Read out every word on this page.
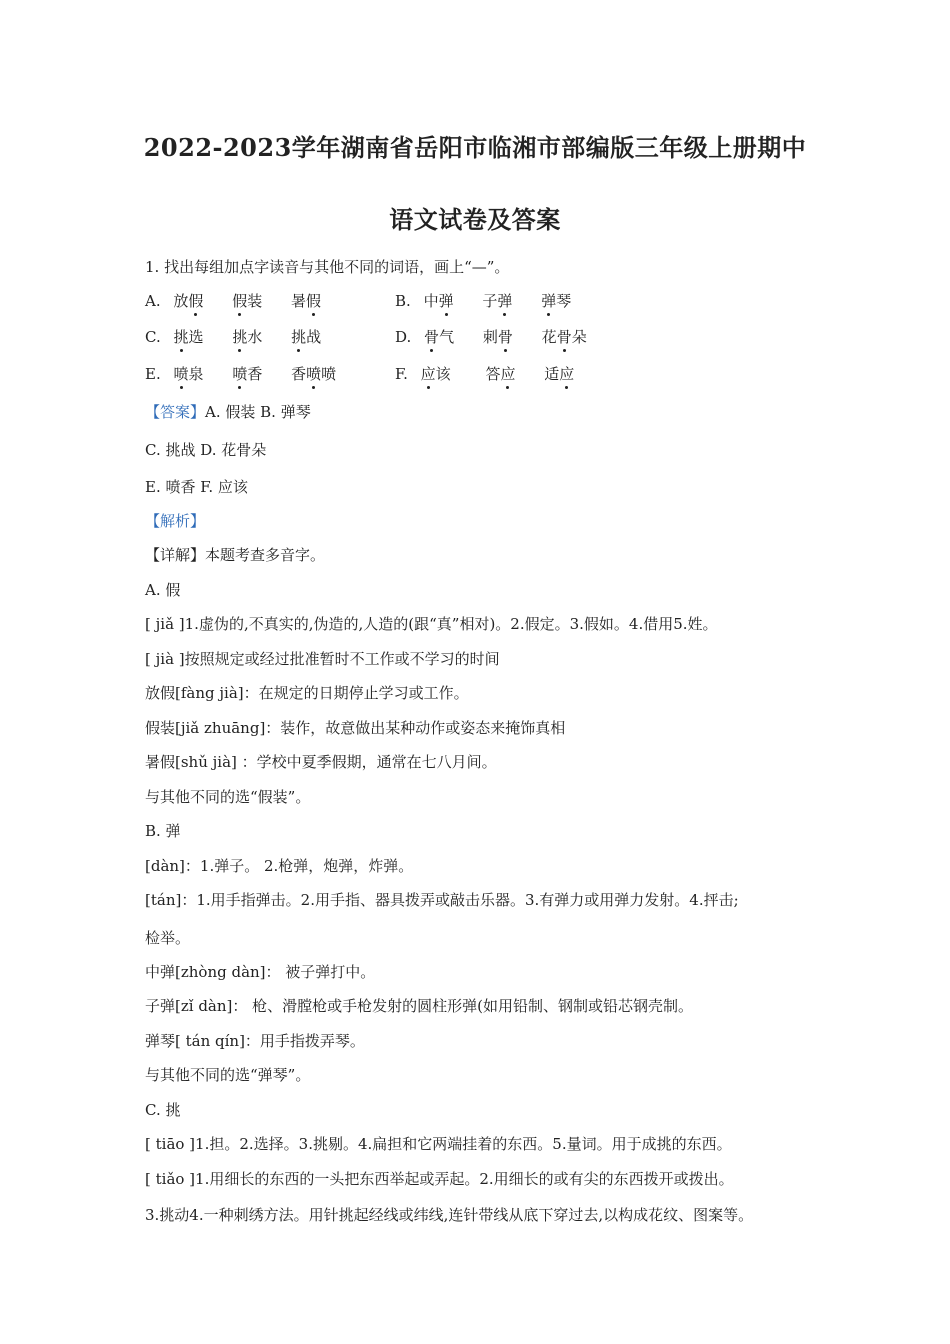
2022-2023学年湖南省岳阳市临湘市部编版三年级上册期中
语文试卷及答案
1. 找出每组加点字读音与其他不同的词语，画上“—”。
A. 放假 假装 暑假	B. 中弹 子弹 弹琴
C. 挑选 挑水 挑战	D. 骨气 刺骨 花骨朵
E. 喷泉 喷香 香喷喷	F. 应该 答应 适应
【答案】A. 假装 B. 弹琴
C. 挑战 D. 花骨朵
E. 喷香 F. 应该
【解析】
【详解】本题考查多音字。
A. 假
[ jiǎ ]1.虚伪的,不真实的,伪造的,人造的(跟“真”相对)。2.假定。3.假如。4.借用5.姓。
[ jià ]按照规定或经过批准暂时不工作或不学习的时间
放假[fàng jià]：在规定的日期停止学习或工作。
假装[jiǎ zhuāng]：装作，故意做出某种动作或姿态来掩饰真相
暑假[shǔ jià] ：学校中夏季假期，通常在七八月间。
与其他不同的选“假装”。
B. 弹
[dàn]：1.弹子。 2.枪弹，炮弹，炸弹。
[tán]：1.用手指弹击。2.用手指、器具拨弄或敲击乐器。3.有弹力或用弹力发射。4.抨击;
检举。
中弹[zhòng dàn]： 被子弹打中。
子弹[zǐ dàn]： 枪、滑膛枪或手枪发射的圆柱形弹(如用铅制、钢制或铅芯钢壳制。
弹琴[ tán qín]：用手指拨弄琴。
与其他不同的选“弹琴”。
C. 挑
[ tiāo ]1.担。2.选择。3.挑剔。4.扁担和它两端挂着的东西。5.量词。用于成挑的东西。
[ tiǎo ]1.用细长的东西的一头把东西举起或弄起。2.用细长的或有尖的东西拨开或拨出。
3.挑动4.一种刺绣方法。用针挑起经线或纬线,连针带线从底下穿过去,以构成花纹、图案等。
